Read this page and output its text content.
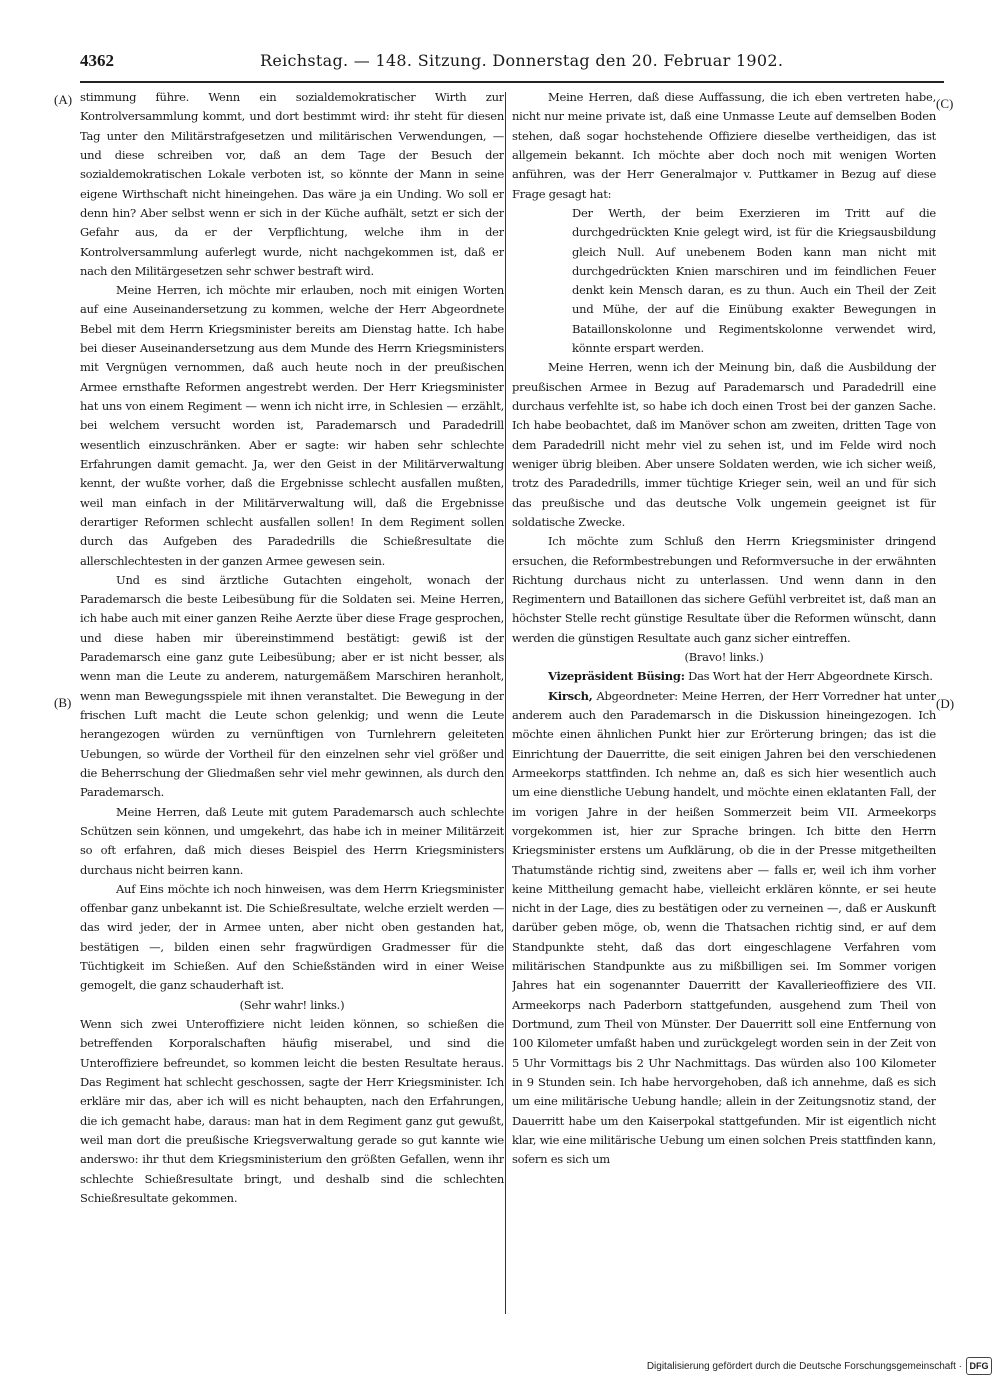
4362	Reichstag. — 148. Sitzung. Donnerstag den 20. Februar 1902.
(A)
(B)
(C)
(D)

stimmung führe. Wenn ein sozialdemokratischer Wirth zur Kontrolversammlung kommt, und dort bestimmt wird: ihr steht für diesen Tag unter den Militärstrafgesetzen und militärischen Verwendungen, — und diese schreiben vor, daß an dem Tage der Besuch der sozialdemokratischen Lokale verboten ist, so könnte der Mann in seine eigene Wirthschaft nicht hineingehen. Das wäre ja ein Unding. Wo soll er denn hin? Aber selbst wenn er sich in der Küche aufhält, setzt er sich der Gefahr aus, da er der Verpflichtung, welche ihm in der Kontrolversammlung auferlegt wurde, nicht nachgekommen ist, daß er nach den Militärgesetzen sehr schwer bestraft wird.

Meine Herren, ich möchte mir erlauben, noch mit einigen Worten auf eine Auseinandersetzung zu kommen, welche der Herr Abgeordnete Bebel mit dem Herrn Kriegsminister bereits am Dienstag hatte. Ich habe bei dieser Auseinandersetzung aus dem Munde des Herrn Kriegsministers mit Vergnügen vernommen, daß auch heute noch in der preußischen Armee ernsthafte Reformen angestrebt werden. Der Herr Kriegsminister hat uns von einem Regiment — wenn ich nicht irre, in Schlesien — erzählt, bei welchem versucht worden ist, Parademarsch und Paradedrill wesentlich einzuschränken. Aber er sagte: wir haben sehr schlechte Erfahrungen damit gemacht. Ja, wer den Geist in der Militärverwaltung kennt, der wußte vorher, daß die Ergebnisse schlecht ausfallen mußten, weil man einfach in der Militärverwaltung will, daß die Ergebnisse derartiger Reformen schlecht ausfallen sollen! In dem Regiment sollen durch das Aufgeben des Paradedrills die Schießresultate die allerschlechtesten in der ganzen Armee gewesen sein.

Und es sind ärztliche Gutachten eingeholt, wonach der Parademarsch die beste Leibesübung für die Soldaten sei. Meine Herren, ich habe auch mit einer ganzen Reihe Aerzte über diese Frage gesprochen, und diese haben mir übereinstimmend bestätigt: gewiß ist der Parademarsch eine ganz gute Leibesübung; aber er ist nicht besser, als wenn man die Leute zu anderem, naturgemäßem Marschiren heranholt, wenn man Bewegungsspiele mit ihnen veranstaltet. Die Bewegung in der frischen Luft macht die Leute schon gelenkig; und wenn die Leute herangezogen würden zu vernünftigen von Turnlehrern geleiteten Uebungen, so würde der Vortheil für den einzelnen sehr viel größer und die Beherrschung der Gliedmaßen sehr viel mehr gewinnen, als durch den Parademarsch.

Meine Herren, daß Leute mit gutem Parademarsch auch schlechte Schützen sein können, und umgekehrt, das habe ich in meiner Militärzeit so oft erfahren, daß mich dieses Beispiel des Herrn Kriegsministers durchaus nicht beirren kann.

Auf Eins möchte ich noch hinweisen, was dem Herrn Kriegsminister offenbar ganz unbekannt ist. Die Schießresultate, welche erzielt werden — das wird jeder, der in Armee unten, aber nicht oben gestanden hat, bestätigen —, bilden einen sehr fragwürdigen Gradmesser für die Tüchtigkeit im Schießen. Auf den Schießständen wird in einer Weise gemogelt, die ganz schauderhaft ist.

(Sehr wahr! links.)

Wenn sich zwei Unteroffiziere nicht leiden können, so schießen die betreffenden Korporalschaften häufig miserabel, und sind die Unteroffiziere befreundet, so kommen leicht die besten Resultate heraus. Das Regiment hat schlecht geschossen, sagte der Herr Kriegsminister. Ich erkläre mir das, aber ich will es nicht behaupten, nach den Erfahrungen, die ich gemacht habe, daraus: man hat in dem Regiment ganz gut gewußt, weil man dort die preußische Kriegsverwaltung gerade so gut kannte wie anderswo: ihr thut dem Kriegsministerium den größten Gefallen, wenn ihr schlechte Schießresultate bringt, und deshalb sind die schlechten Schießresultate gekommen.

Meine Herren, daß diese Auffassung, die ich eben vertreten habe, nicht nur meine private ist, daß eine Unmasse Leute auf demselben Boden stehen, daß sogar hochstehende Offiziere dieselbe vertheidigen, das ist allgemein bekannt. Ich möchte aber doch noch mit wenigen Worten anführen, was der Herr Generalmajor v. Puttkamer in Bezug auf diese Frage gesagt hat:

Der Werth, der beim Exerzieren im Tritt auf die durchgedrückten Knie gelegt wird, ist für die Kriegsausbildung gleich Null. Auf unebenem Boden kann man nicht mit durchgedrückten Knien marschiren und im feindlichen Feuer denkt kein Mensch daran, es zu thun. Auch ein Theil der Zeit und Mühe, der auf die Einübung exakter Bewegungen in Bataillonskolonne und Regimentskolonne verwendet wird, könnte erspart werden.

Meine Herren, wenn ich der Meinung bin, daß die Ausbildung der preußischen Armee in Bezug auf Parademarsch und Paradedrill eine durchaus verfehlte ist, so habe ich doch einen Trost bei der ganzen Sache. Ich habe beobachtet, daß im Manöver schon am zweiten, dritten Tage von dem Paradedrill nicht mehr viel zu sehen ist, und im Felde wird noch weniger übrig bleiben. Aber unsere Soldaten werden, wie ich sicher weiß, trotz des Paradedrills, immer tüchtige Krieger sein, weil an und für sich das preußische und das deutsche Volk ungemein geeignet ist für soldatische Zwecke.

Ich möchte zum Schluß den Herrn Kriegsminister dringend ersuchen, die Reformbestrebungen und Reformversuche in der erwähnten Richtung durchaus nicht zu unterlassen. Und wenn dann in den Regimentern und Bataillonen das sichere Gefühl verbreitet ist, daß man an höchster Stelle recht günstige Resultate über die Reformen wünscht, dann werden die günstigen Resultate auch ganz sicher eintreffen.

(Bravo! links.)

Vizepräsident Büsing: Das Wort hat der Herr Abgeordnete Kirsch.

Kirsch, Abgeordneter: Meine Herren, der Herr Vorredner hat unter anderem auch den Parademarsch in die Diskussion hineingezogen. Ich möchte einen ähnlichen Punkt hier zur Erörterung bringen; das ist die Einrichtung der Dauerritte, die seit einigen Jahren bei den verschiedenen Armeekorps stattfinden. Ich nehme an, daß es sich hier wesentlich auch um eine dienstliche Uebung handelt, und möchte einen eklatanten Fall, der im vorigen Jahre in der heißen Sommerzeit beim VII. Armeekorps vorgekommen ist, hier zur Sprache bringen. Ich bitte den Herrn Kriegsminister erstens um Aufklärung, ob die in der Presse mitgetheilten Thatumstände richtig sind, zweitens aber — falls er, weil ich ihm vorher keine Mittheilung gemacht habe, vielleicht erklären könnte, er sei heute nicht in der Lage, dies zu bestätigen oder zu verneinen —, daß er Auskunft darüber geben möge, ob, wenn die Thatsachen richtig sind, er auf dem Standpunkte steht, daß das dort eingeschlagene Verfahren vom militärischen Standpunkte aus zu mißbilligen sei. Im Sommer vorigen Jahres hat ein sogenannter Dauerritt der Kavallerieoffiziere des VII. Armeekorps nach Paderborn stattgefunden, ausgehend zum Theil von Dortmund, zum Theil von Münster. Der Dauerritt soll eine Entfernung von 100 Kilometer umfaßt haben und zurückgelegt worden sein in der Zeit von 5 Uhr Vormittags bis 2 Uhr Nachmittags. Das würden also 100 Kilometer in 9 Stunden sein. Ich habe hervorgehoben, daß ich annehme, daß es sich um eine militärische Uebung handle; allein in der Zeitungsnotiz stand, der Dauerritt habe um den Kaiserpokal stattgefunden. Mir ist eigentlich nicht klar, wie eine militärische Uebung um einen solchen Preis stattfinden kann, sofern es sich um

Digitalisierung gefördert durch die Deutsche Forschungsgemeinschaft · DFG
